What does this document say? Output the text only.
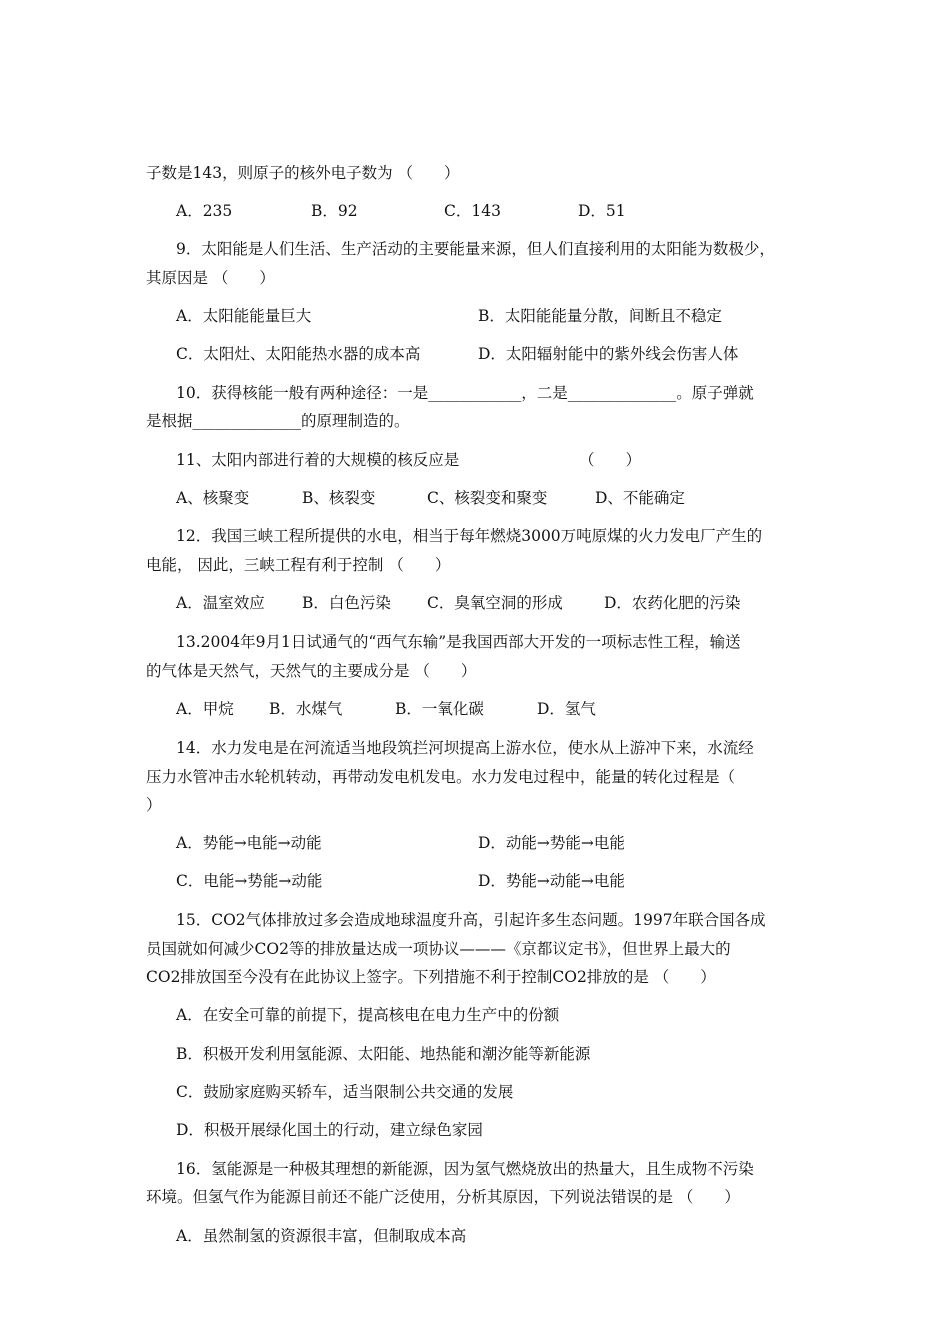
子数是143，则原子的核外电子数为 （　　）
A．235	B．92	C．143	D．51
9．太阳能是人们生活、生产活动的主要能量来源，但人们直接利用的太阳能为数极少，
其原因是 （　　）
A．太阳能能量巨大	B．太阳能能量分散，间断且不稳定
C．太阳灶、太阳能热水器的成本高	D．太阳辐射能中的紫外线会伤害人体
10．获得核能一般有两种途径：一是____________，二是______________。原子弹就
是根据______________的原理制造的。
11、太阳内部进行着的大规模的核反应是	（　　）
A、核聚变	B、核裂变	C、核裂变和聚变	D、不能确定
12．我国三峡工程所提供的水电，相当于每年燃烧3000万吨原煤的火力发电厂产生的
电能， 因此，三峡工程有利于控制 （　　）
A．温室效应 B．白色污染 C．臭氧空洞的形成	D．农药化肥的污染
13.2004年9月1日试通气的“西气东输”是我国西部大开发的一项标志性工程，输送
的气体是天然气，天然气的主要成分是 （　　）
A．甲烷 B．水煤气	B．一氧化碳	D．氢气
14．水力发电是在河流适当地段筑拦河坝提高上游水位，使水从上游冲下来，水流经
压力水管冲击水轮机转动，再带动发电机发电。水力发电过程中，能量的转化过程是（
）
A．势能→电能→动能	D．动能→势能→电能
C．电能→势能→动能	D．势能→动能→电能
15．CO2气体排放过多会造成地球温度升高，引起许多生态问题。1997年联合国各成
员国就如何减少CO2等的排放量达成一项协议———《京都议定书》，但世界上最大的
CO2排放国至今没有在此协议上签字。下列措施不利于控制CO2排放的是 （　　）
A．在安全可靠的前提下，提高核电在电力生产中的份额
B．积极开发利用氢能源、太阳能、地热能和潮汐能等新能源
C．鼓励家庭购买轿车，适当限制公共交通的发展
D．积极开展绿化国土的行动，建立绿色家园
16．氢能源是一种极其理想的新能源，因为氢气燃烧放出的热量大，且生成物不污染
环境。但氢气作为能源目前还不能广泛使用，分析其原因，下列说法错误的是 （　　）
A．虽然制氢的资源很丰富，但制取成本高
